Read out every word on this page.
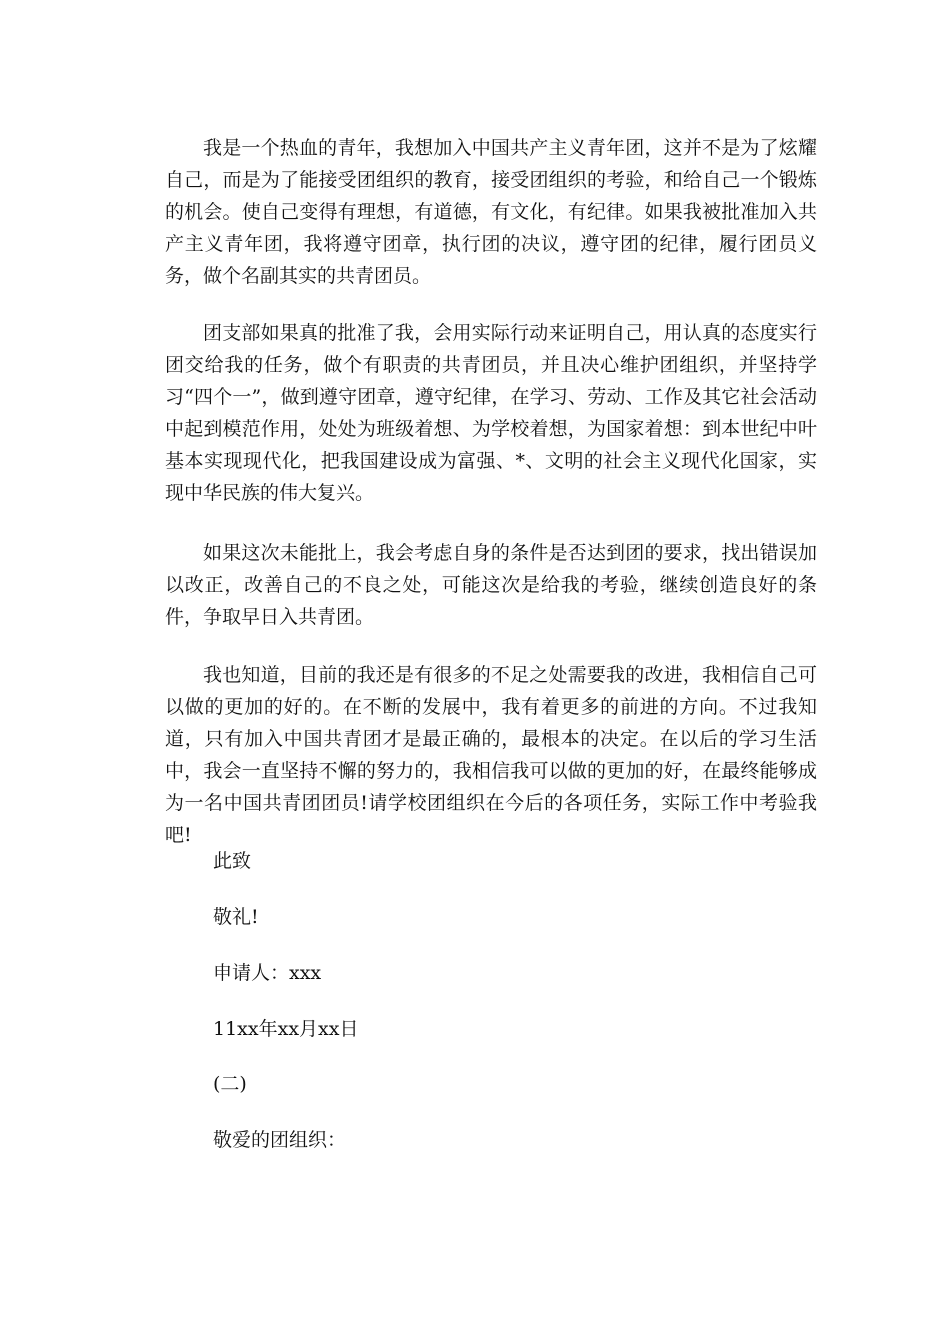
我是一个热血的青年，我想加入中国共产主义青年团，这并不是为了炫耀自己，而是为了能接受团组织的教育，接受团组织的考验，和给自己一个锻炼的机会。使自己变得有理想，有道德，有文化，有纪律。如果我被批准加入共产主义青年团，我将遵守团章，执行团的决议，遵守团的纪律，履行团员义务，做个名副其实的共青团员。

团支部如果真的批准了我，会用实际行动来证明自己，用认真的态度实行团交给我的任务，做个有职责的共青团员，并且决心维护团组织，并坚持学习“四个一”，做到遵守团章，遵守纪律，在学习、劳动、工作及其它社会活动中起到模范作用，处处为班级着想、为学校着想，为国家着想：到本世纪中叶基本实现现代化，把我国建设成为富强、*、文明的社会主义现代化国家，实现中华民族的伟大复兴。

如果这次未能批上，我会考虑自身的条件是否达到团的要求，找出错误加以改正，改善自己的不良之处，可能这次是给我的考验，继续创造良好的条件，争取早日入共青团。

我也知道，目前的我还是有很多的不足之处需要我的改进，我相信自己可以做的更加的好的。在不断的发展中，我有着更多的前进的方向。不过我知道，只有加入中国共青团才是最正确的，最根本的决定。在以后的学习生活中，我会一直坚持不懈的努力的，我相信我可以做的更加的好，在最终能够成为一名中国共青团团员!请学校团组织在今后的各项任务，实际工作中考验我吧!

此致

敬礼!

申请人：xxx

11xx年xx月xx日

(二)

敬爱的团组织：
